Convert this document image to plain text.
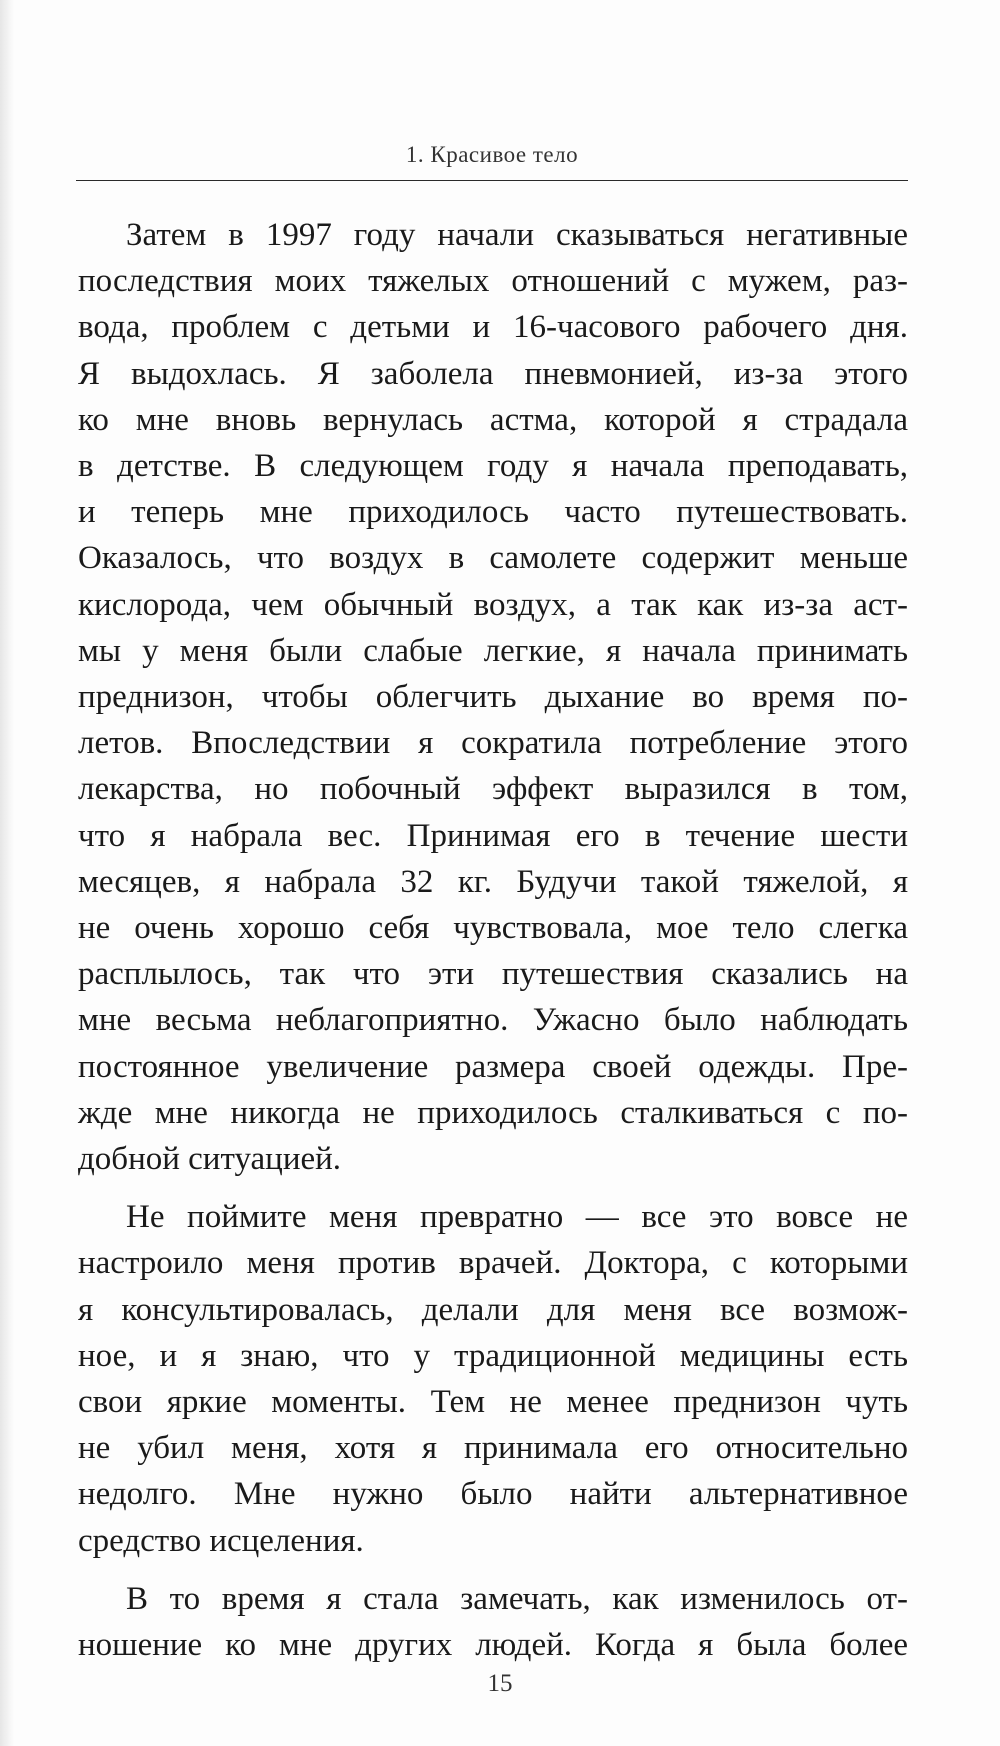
1. Красивое тело
Затем в 1997 году начали сказываться негативные
последствия моих тяжелых отношений с мужем, раз-
вода, проблем с детьми и 16-часового рабочего дня.
Я выдохлась. Я заболела пневмонией, из-за этого
ко мне вновь вернулась астма, которой я страдала
в детстве. В следующем году я начала преподавать,
и теперь мне приходилось часто путешествовать.
Оказалось, что воздух в самолете содержит меньше
кислорода, чем обычный воздух, а так как из-за аст-
мы у меня были слабые легкие, я начала принимать
преднизон, чтобы облегчить дыхание во время по-
летов. Впоследствии я сократила потребление этого
лекарства, но побочный эффект выразился в том,
что я набрала вес. Принимая его в течение шести
месяцев, я набрала 32 кг. Будучи такой тяжелой, я
не очень хорошо себя чувствовала, мое тело слегка
расплылось, так что эти путешествия сказались на
мне весьма неблагоприятно. Ужасно было наблюдать
постоянное увеличение размера своей одежды. Пре-
жде мне никогда не приходилось сталкиваться с по-
добной ситуацией.
Не поймите меня превратно — все это вовсе не
настроило меня против врачей. Доктора, с которыми
я консультировалась, делали для меня все возмож-
ное, и я знаю, что у традиционной медицины есть
свои яркие моменты. Тем не менее преднизон чуть
не убил меня, хотя я принимала его относительно
недолго. Мне нужно было найти альтернативное
средство исцеления.
В то время я стала замечать, как изменилось от-
ношение ко мне других людей. Когда я была более
15
